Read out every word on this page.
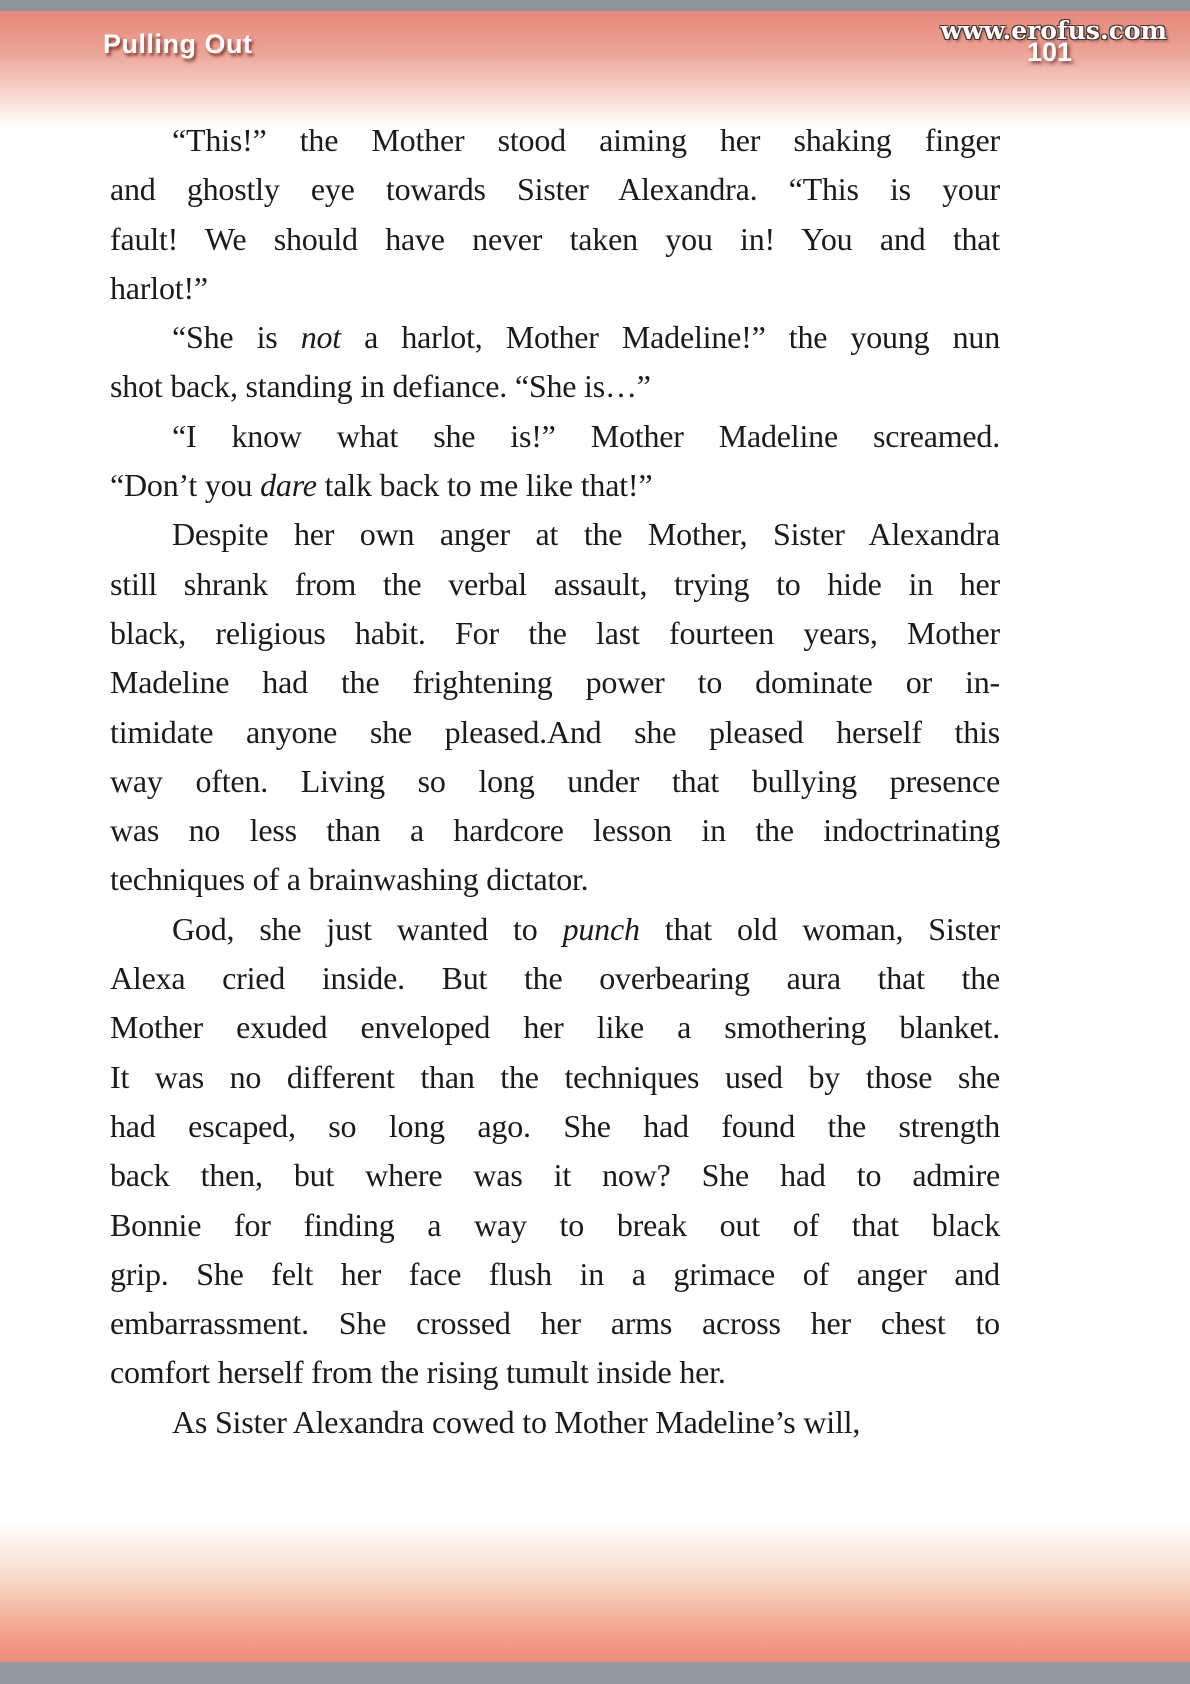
Pulling Out	www.erofus.com
101
“This!” the Mother stood aiming her shaking finger
and ghostly eye towards Sister Alexandra. “This is your
fault! We should have never taken you in! You and that
harlot!”
“She is not a harlot, Mother Madeline!” the young nun
shot back, standing in defiance. “She is…”
“I know what she is!” Mother Madeline screamed.
“Don’t you dare talk back to me like that!”
Despite her own anger at the Mother, Sister Alexandra
still shrank from the verbal assault, trying to hide in her
black, religious habit. For the last fourteen years, Mother
Madeline had the frightening power to dominate or in-
timidate anyone she pleased.And she pleased herself this
way often. Living so long under that bullying presence
was no less than a hardcore lesson in the indoctrinating
techniques of a brainwashing dictator.
God, she just wanted to punch that old woman, Sister
Alexa cried inside. But the overbearing aura that the
Mother exuded enveloped her like a smothering blanket.
It was no different than the techniques used by those she
had escaped, so long ago. She had found the strength
back then, but where was it now? She had to admire
Bonnie for finding a way to break out of that black
grip. She felt her face flush in a grimace of anger and
embarrassment. She crossed her arms across her chest to
comfort herself from the rising tumult inside her.
As Sister Alexandra cowed to Mother Madeline’s will,
